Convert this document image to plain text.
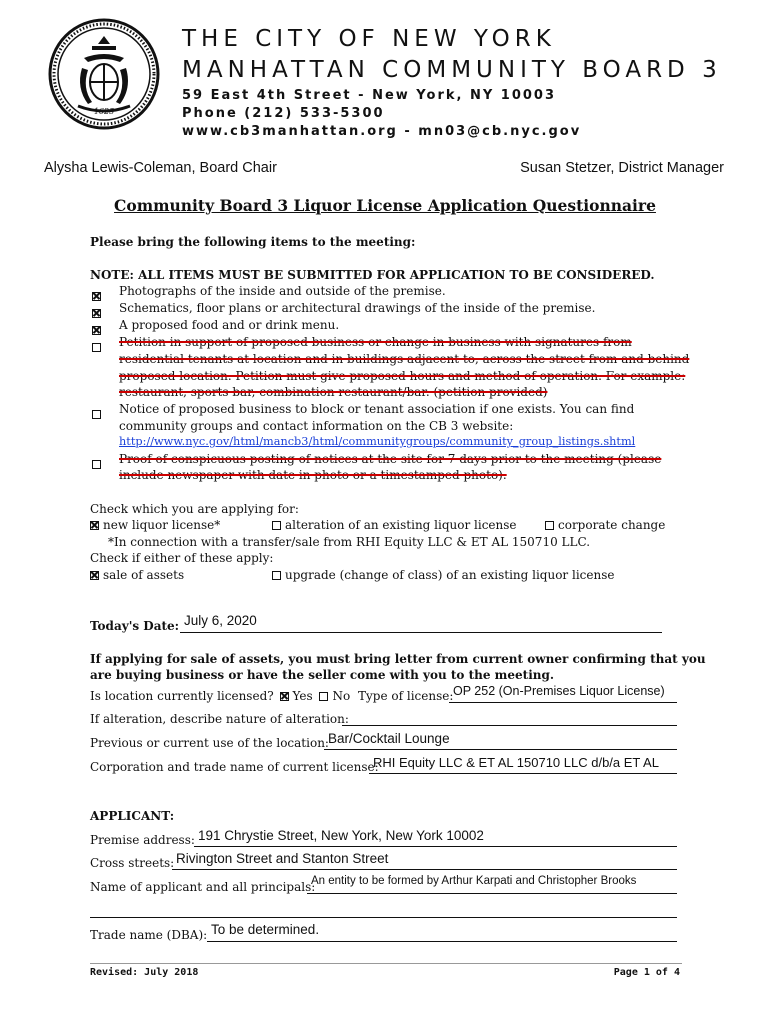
1625
THE CITY OF NEW YORK
MANHATTAN COMMUNITY BOARD 3
59 East 4th Street - New York, NY 10003
Phone (212) 533-5300
www.cb3manhattan.org - mn03@cb.nyc.gov
Alysha Lewis-Coleman, Board Chair	Susan Stetzer, District Manager
Community Board 3 Liquor License Application Questionnaire
Please bring the following items to the meeting:
NOTE: ALL ITEMS MUST BE SUBMITTED FOR APPLICATION TO BE CONSIDERED.
Photographs of the inside and outside of the premise.
Schematics, floor plans or architectural drawings of the inside of the premise.
A proposed food and or drink menu.
Petition in support of proposed business or change in business with signatures from
residential tenants at location and in buildings adjacent to, across the street from and behind
proposed location. Petition must give proposed hours and method of operation. For example:
restaurant, sports bar, combination restaurant/bar. (petition provided)
Notice of proposed business to block or tenant association if one exists. You can find
community groups and contact information on the CB 3 website:
http://www.nyc.gov/html/mancb3/html/communitygroups/community_group_listings.shtml
Proof of conspicuous posting of notices at the site for 7 days prior to the meeting (please
include newspaper with date in photo or a timestamped photo).
Check which you are applying for:
new liquor license*	alteration of an existing liquor license	corporate change
*In connection with a transfer/sale from RHI Equity LLC & ET AL 150710 LLC.
Check if either of these apply:
sale of assets	upgrade (change of class) of an existing liquor license
Today's Date: July 6, 2020
If applying for sale of assets, you must bring letter from current owner confirming that you
are buying business or have the seller come with you to the meeting.
Is location currently licensed? Yes No Type of license: OP 252 (On-Premises Liquor License)
If alteration, describe nature of alteration:
Previous or current use of the location: Bar/Cocktail Lounge
Corporation and trade name of current license:
RHI Equity LLC & ET AL 150710 LLC d/b/a ET AL
APPLICANT:
Premise address: 191 Chrystie Street, New York, New York 10002
Cross streets: Rivington Street and Stanton Street
Name of applicant and all principals:
An entity to be formed by Arthur Karpati and Christopher Brooks
Trade name (DBA): To be determined.
Revised: July 2018	Page 1 of 4
